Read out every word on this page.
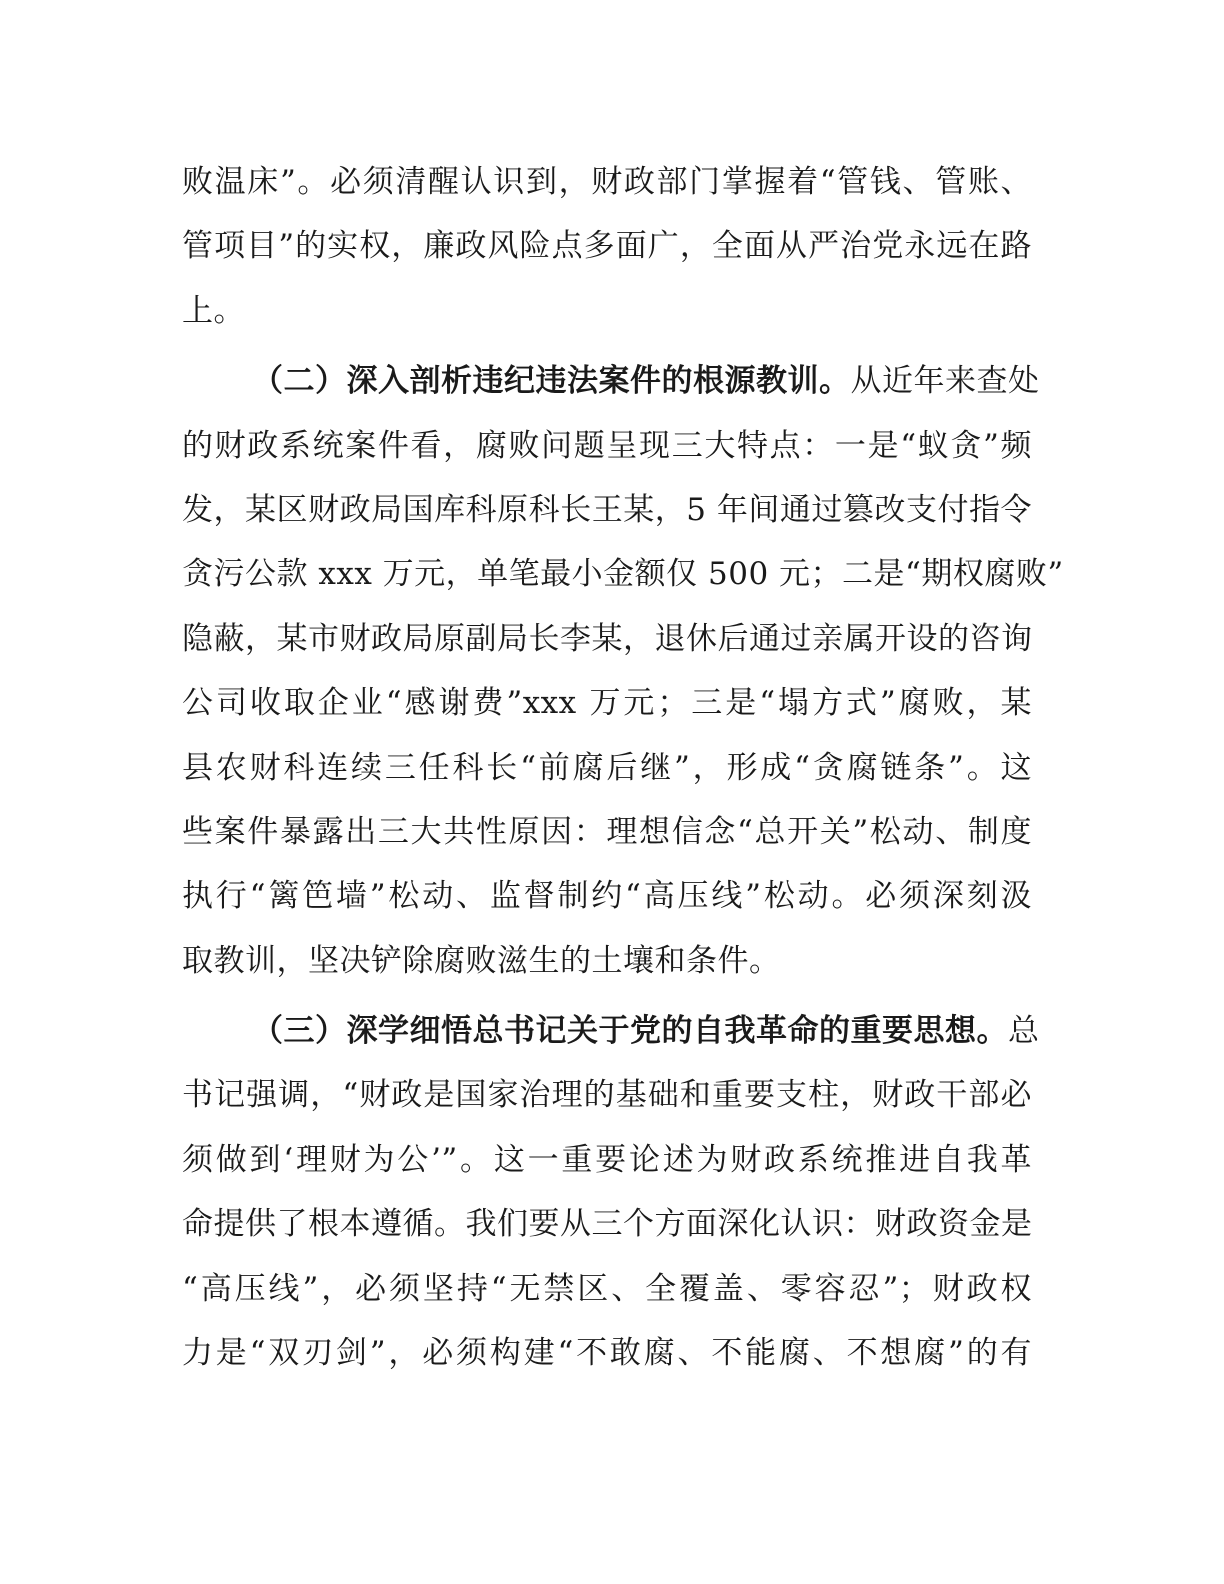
败温床”。必须清醒认识到，财政部门掌握着“管钱、管账、
管项目”的实权，廉政风险点多面广，全面从严治党永远在路
上。
（二）深入剖析违纪违法案件的根源教训。从近年来查处
的财政系统案件看，腐败问题呈现三大特点：一是“蚁贪”频
发，某区财政局国库科原科长王某，5 年间通过篡改支付指令
贪污公款 xxx 万元，单笔最小金额仅 500 元；二是“期权腐败”
隐蔽，某市财政局原副局长李某，退休后通过亲属开设的咨询
公司收取企业“感谢费”xxx 万元；三是“塌方式”腐败，某
县农财科连续三任科长“前腐后继”，形成“贪腐链条”。这
些案件暴露出三大共性原因：理想信念“总开关”松动、制度
执行“篱笆墙”松动、监督制约“高压线”松动。必须深刻汲
取教训，坚决铲除腐败滋生的土壤和条件。
（三）深学细悟总书记关于党的自我革命的重要思想。总
书记强调，“财政是国家治理的基础和重要支柱，财政干部必
须做到‘理财为公’”。这一重要论述为财政系统推进自我革
命提供了根本遵循。我们要从三个方面深化认识：财政资金是
“高压线”，必须坚持“无禁区、全覆盖、零容忍”；财政权
力是“双刃剑”，必须构建“不敢腐、不能腐、不想腐”的有
